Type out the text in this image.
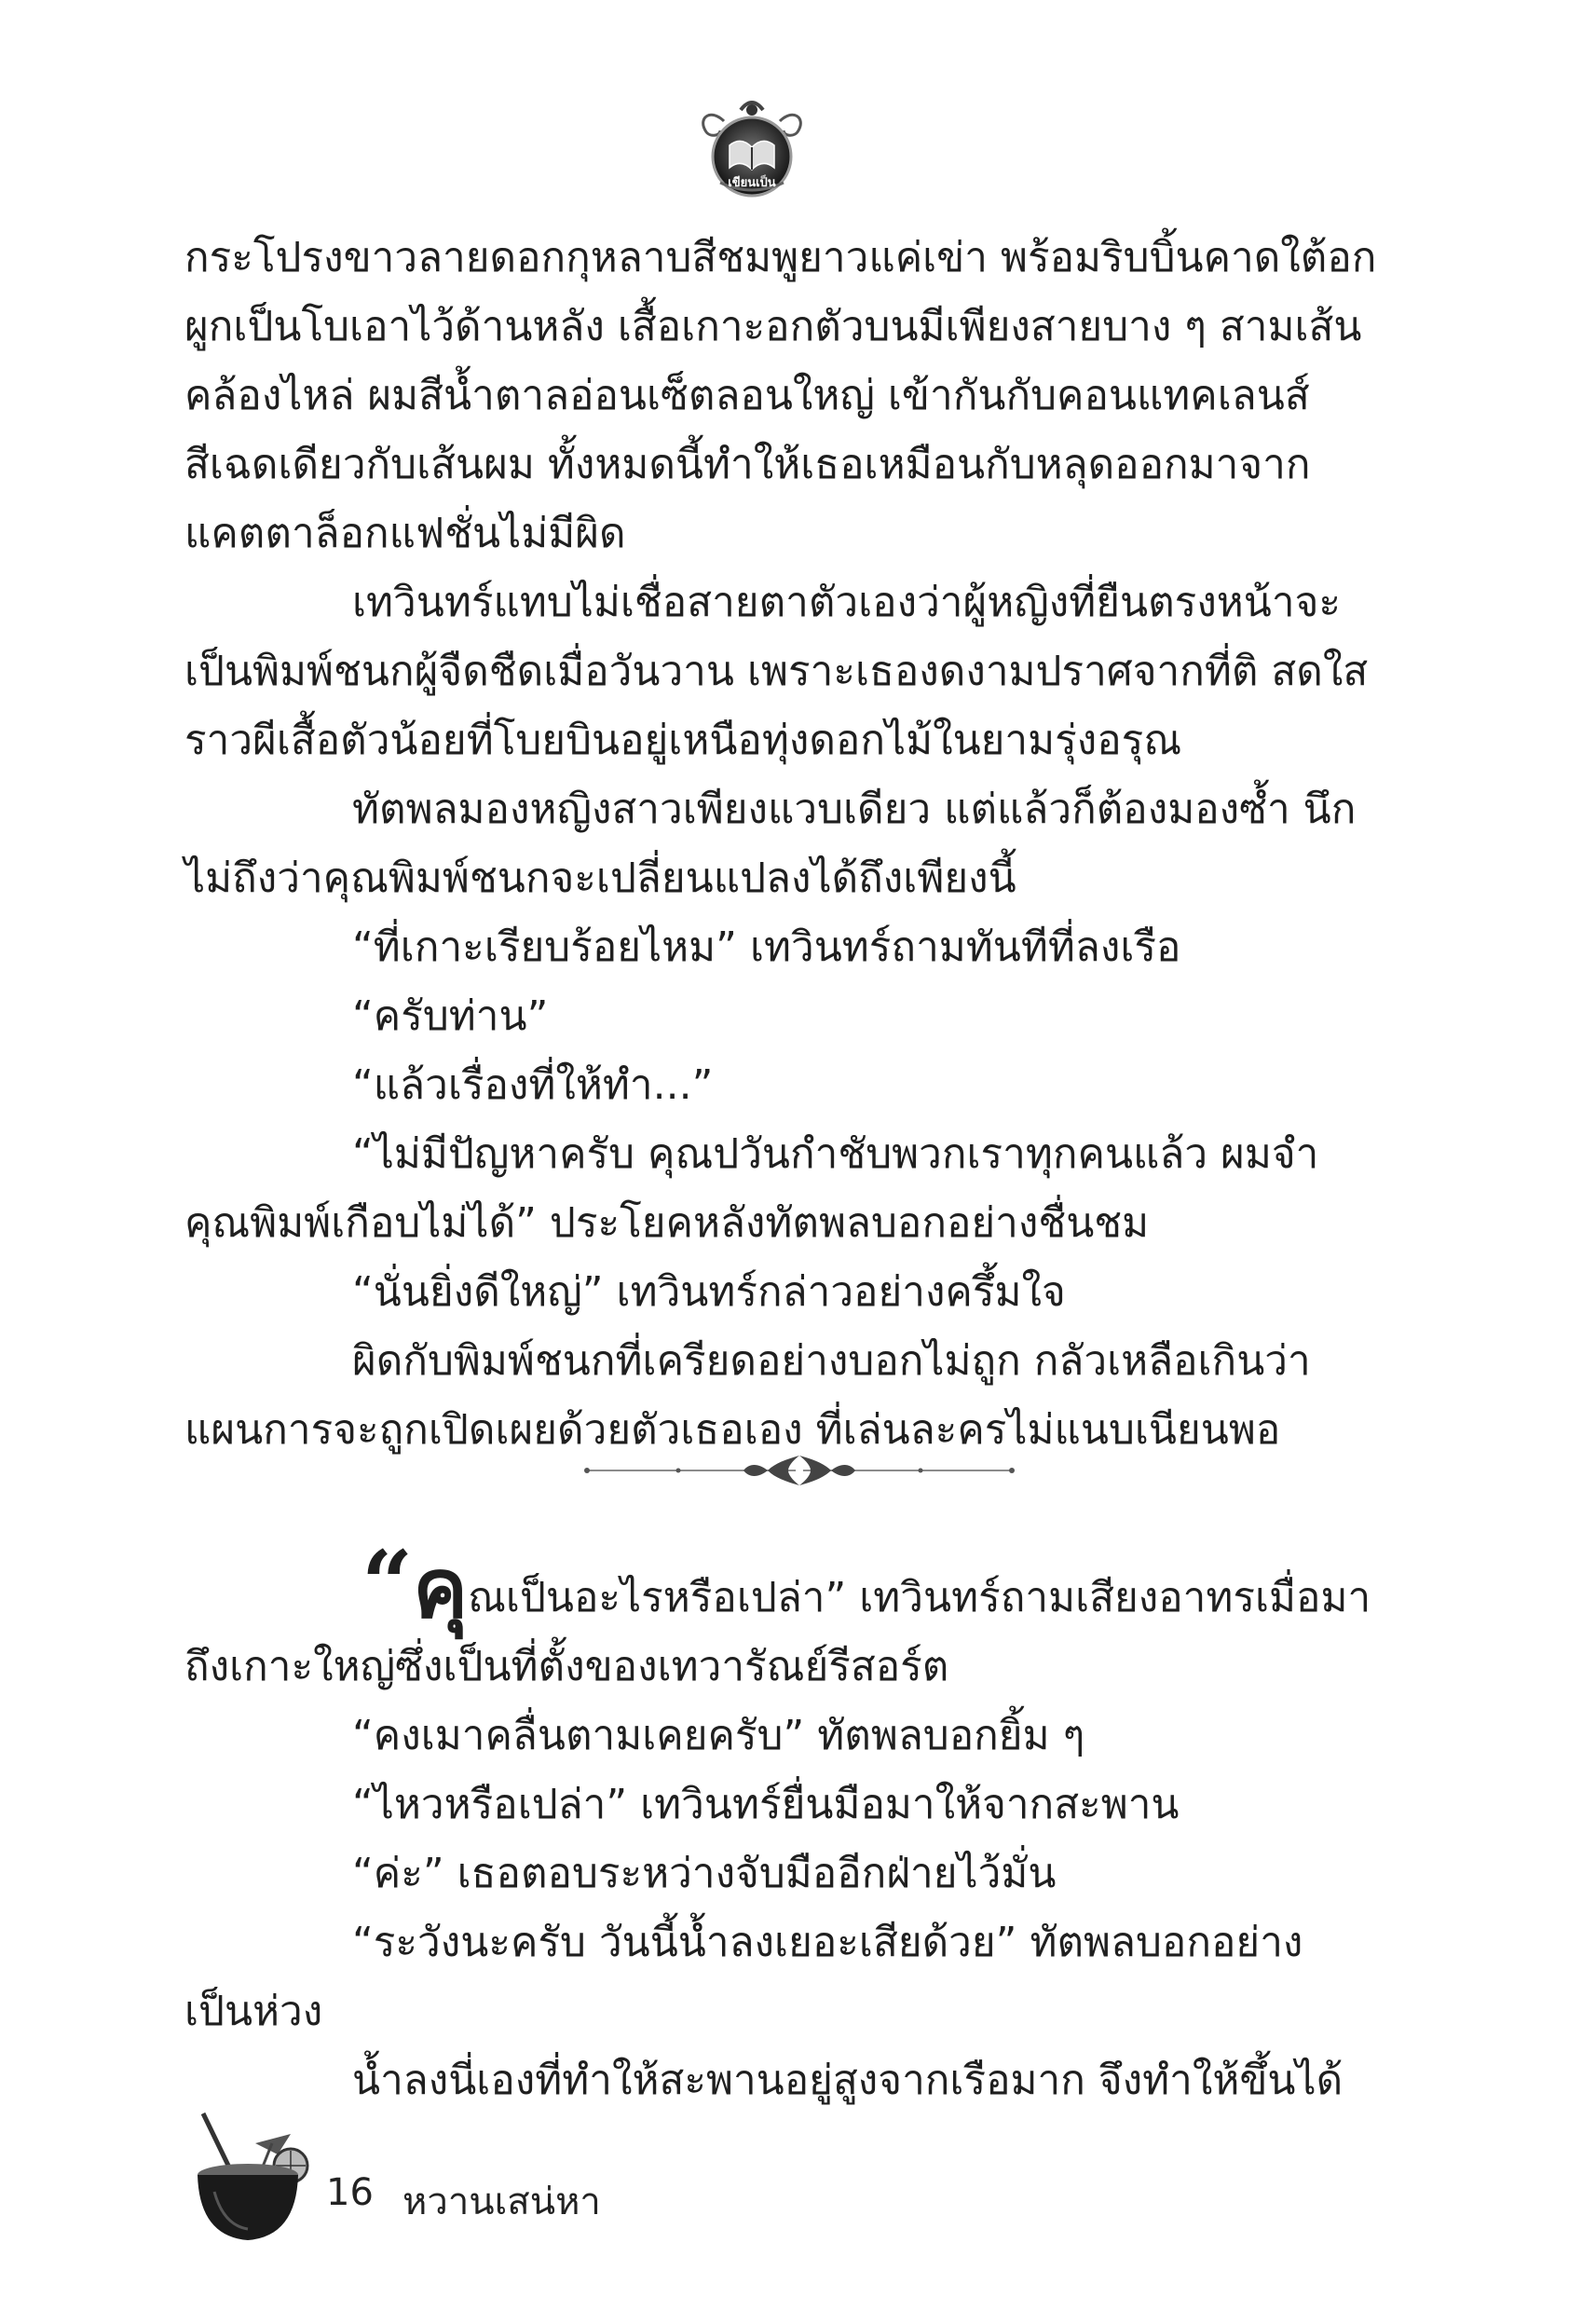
เขียนเป็น
กระโปรงขาวลายดอกกุหลาบสีชมพูยาวแค่เข่า พร้อมริบบิ้นคาดใต้อก
ผูกเป็นโบเอาไว้ด้านหลัง เสื้อเกาะอกตัวบนมีเพียงสายบาง ๆ สามเส้น
คล้องไหล่ ผมสีน้ำตาลอ่อนเซ็ตลอนใหญ่ เข้ากันกับคอนแทคเลนส์
สีเฉดเดียวกับเส้นผม ทั้งหมดนี้ทำให้เธอเหมือนกับหลุดออกมาจาก
แคตตาล็อกแฟชั่นไม่มีผิด
เทวินทร์แทบไม่เชื่อสายตาตัวเองว่าผู้หญิงที่ยืนตรงหน้าจะ
เป็นพิมพ์ชนกผู้จืดชืดเมื่อวันวาน เพราะเธองดงามปราศจากที่ติ สดใส
ราวผีเสื้อตัวน้อยที่โบยบินอยู่เหนือทุ่งดอกไม้ในยามรุ่งอรุณ
ทัตพลมองหญิงสาวเพียงแวบเดียว แต่แล้วก็ต้องมองซ้ำ นึก
ไม่ถึงว่าคุณพิมพ์ชนกจะเปลี่ยนแปลงได้ถึงเพียงนี้
“ที่เกาะเรียบร้อยไหม” เทวินทร์ถามทันทีที่ลงเรือ
“ครับท่าน”
“แล้วเรื่องที่ให้ทำ...”
“ไม่มีปัญหาครับ คุณปวันกำชับพวกเราทุกคนแล้ว ผมจำ
คุณพิมพ์เกือบไม่ได้” ประโยคหลังทัตพลบอกอย่างชื่นชม
“นั่นยิ่งดีใหญ่” เทวินทร์กล่าวอย่างครึ้มใจ
ผิดกับพิมพ์ชนกที่เครียดอย่างบอกไม่ถูก กลัวเหลือเกินว่า
แผนการจะถูกเปิดเผยด้วยตัวเธอเอง ที่เล่นละครไม่แนบเนียนพอ
“คุณเป็นอะไรหรือเปล่า” เทวินทร์ถามเสียงอาทรเมื่อมา
ถึงเกาะใหญ่ซึ่งเป็นที่ตั้งของเทวารัณย์รีสอร์ต
“คงเมาคลื่นตามเคยครับ” ทัตพลบอกยิ้ม ๆ
“ไหวหรือเปล่า” เทวินทร์ยื่นมือมาให้จากสะพาน
“ค่ะ” เธอตอบระหว่างจับมืออีกฝ่ายไว้มั่น
“ระวังนะครับ วันนี้น้ำลงเยอะเสียด้วย” ทัตพลบอกอย่าง
เป็นห่วง
น้ำลงนี่เองที่ทำให้สะพานอยู่สูงจากเรือมาก จึงทำให้ขึ้นได้
16 หวานเสน่หา
